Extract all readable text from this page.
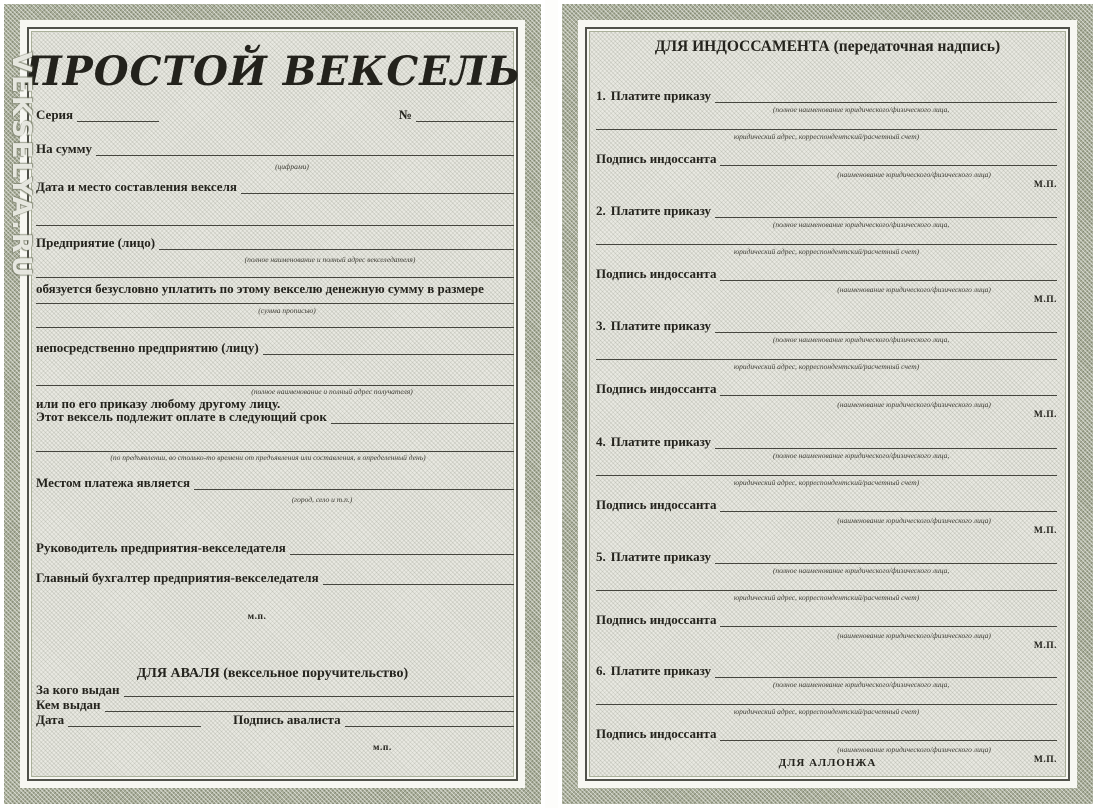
ПРОСТОЙ ВЕКСЕЛЬ
Серия	№
На сумму
(цифрами)
Дата и место составления векселя
Предприятие (лицо)
(полное наименование и полный адрес векселедателя)
обязуется безусловно уплатить по этому векселю денежную сумму в размере
(сумма прописью)
непосредственно предприятию (лицу)
(полное наименование и полный адрес получателя)
или по его приказу любому другому лицу.
Этот вексель подлежит оплате в следующий срок
(по предъявлении, во столько-то времени от предъявления или составления, в определенный день)
Местом платежа является
(город, село и т.п.)
Руководитель предприятия-векселедателя
Главный бухгалтер предприятия-векселедателя
м.п.
ДЛЯ АВАЛЯ (вексельное поручительство)
За кого выдан
Кем выдан
Дата	Подпись авалиста
м.п.
VEKSELYA.RU
ДЛЯ ИНДОССАМЕНТА (передаточная надпись)
1. Платите приказу
(полное наименование юридического/физического лица,
юридический адрес, корреспондентский/расчетный счет)
Подпись индоссанта
(наименование юридического/физического лица)
М.П.
2. Платите приказу
(полное наименование юридического/физического лица,
юридический адрес, корреспондентский/расчетный счет)
Подпись индоссанта
(наименование юридического/физического лица)
М.П.
3. Платите приказу
(полное наименование юридического/физического лица,
юридический адрес, корреспондентский/расчетный счет)
Подпись индоссанта
(наименование юридического/физического лица)
М.П.
4. Платите приказу
(полное наименование юридического/физического лица,
юридический адрес, корреспондентский/расчетный счет)
Подпись индоссанта
(наименование юридического/физического лица)
М.П.
5. Платите приказу
(полное наименование юридического/физического лица,
юридический адрес, корреспондентский/расчетный счет)
Подпись индоссанта
(наименование юридического/физического лица)
М.П.
6. Платите приказу
(полное наименование юридического/физического лица,
юридический адрес, корреспондентский/расчетный счет)
Подпись индоссанта
(наименование юридического/физического лица)
М.П.
ДЛЯ АЛЛОНЖА
